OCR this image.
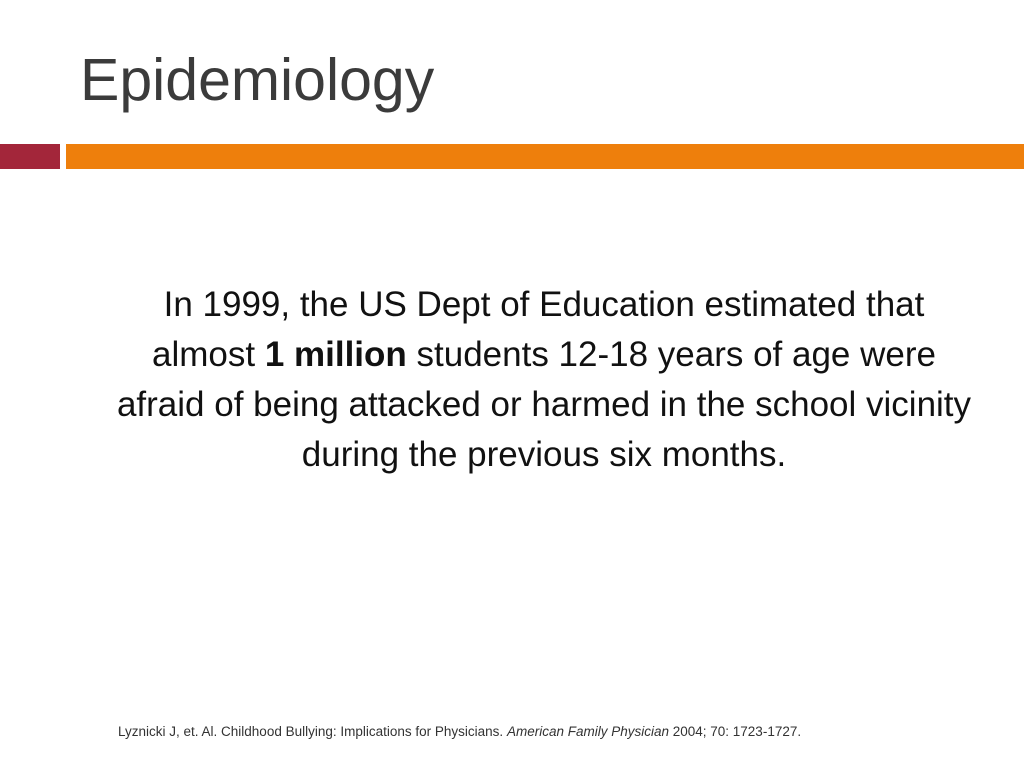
Epidemiology

In 1999, the US Dept of Education estimated that almost 1 million students 12-18 years of age were afraid of being attacked or harmed in the school vicinity during the previous six months.

Lyznicki J, et. Al. Childhood Bullying: Implications for Physicians. American Family Physician 2004; 70: 1723-1727.
